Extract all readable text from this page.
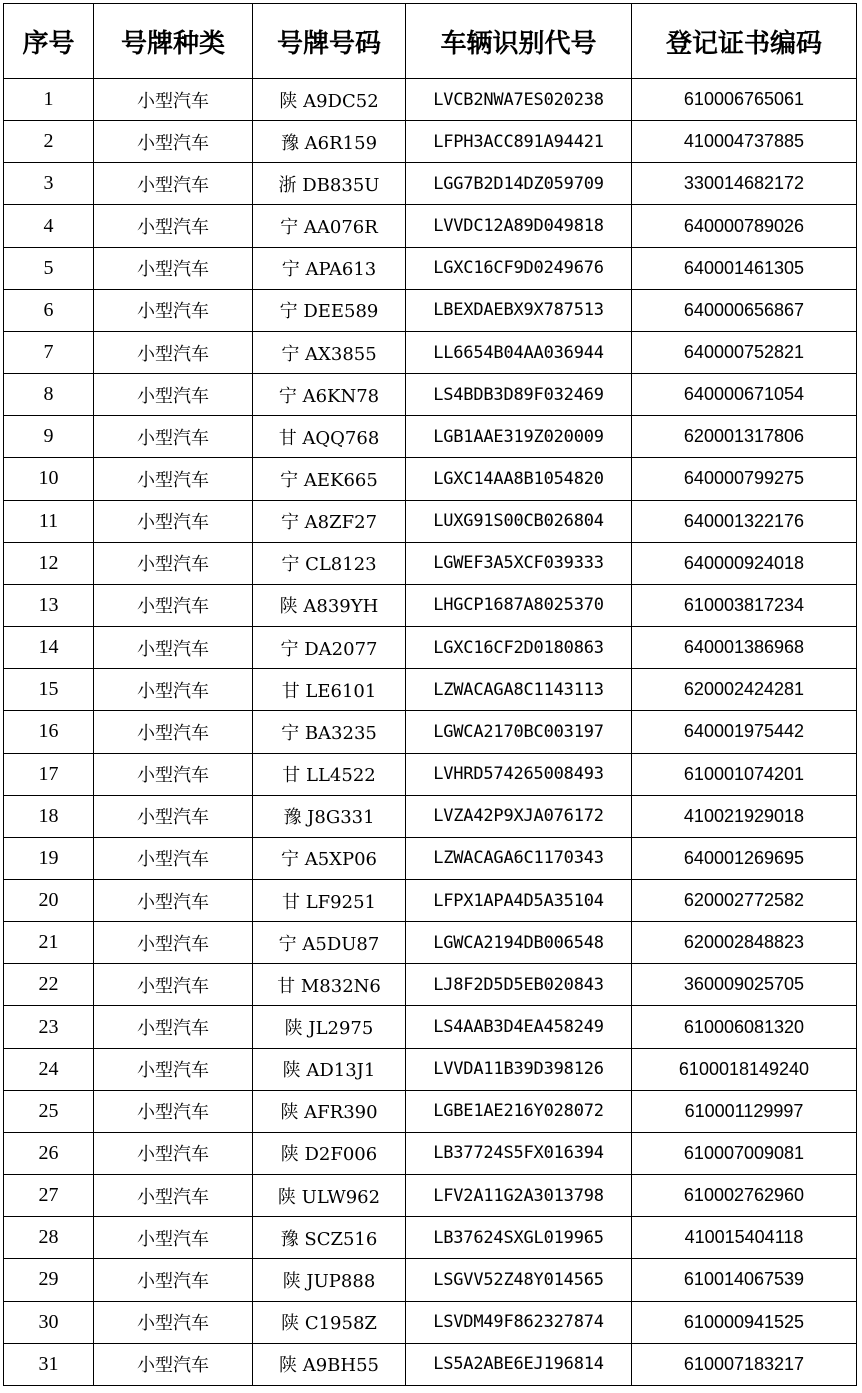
序号	号牌种类	号牌号码	车辆识别代号	登记证书编码
1	小型汽车	陕 A9DC52	LVCB2NWA7ES020238	610006765061
2	小型汽车	豫 A6R159	LFPH3ACC891A94421	410004737885
3	小型汽车	浙 DB835U	LGG7B2D14DZ059709	330014682172
4	小型汽车	宁 AA076R	LVVDC12A89D049818	640000789026
5	小型汽车	宁 APA613	LGXC16CF9D0249676	640001461305
6	小型汽车	宁 DEE589	LBEXDAEBX9X787513	640000656867
7	小型汽车	宁 AX3855	LL6654B04AA036944	640000752821
8	小型汽车	宁 A6KN78	LS4BDB3D89F032469	640000671054
9	小型汽车	甘 AQQ768	LGB1AAE319Z020009	620001317806
10	小型汽车	宁 AEK665	LGXC14AA8B1054820	640000799275
11	小型汽车	宁 A8ZF27	LUXG91S00CB026804	640001322176
12	小型汽车	宁 CL8123	LGWEF3A5XCF039333	640000924018
13	小型汽车	陕 A839YH	LHGCP1687A8025370	610003817234
14	小型汽车	宁 DA2077	LGXC16CF2D0180863	640001386968
15	小型汽车	甘 LE6101	LZWACAGA8C1143113	620002424281
16	小型汽车	宁 BA3235	LGWCA2170BC003197	640001975442
17	小型汽车	甘 LL4522	LVHRD574265008493	610001074201
18	小型汽车	豫 J8G331	LVZA42P9XJA076172	410021929018
19	小型汽车	宁 A5XP06	LZWACAGA6C1170343	640001269695
20	小型汽车	甘 LF9251	LFPX1APA4D5A35104	620002772582
21	小型汽车	宁 A5DU87	LGWCA2194DB006548	620002848823
22	小型汽车	甘 M832N6	LJ8F2D5D5EB020843	360009025705
23	小型汽车	陕 JL2975	LS4AAB3D4EA458249	610006081320
24	小型汽车	陕 AD13J1	LVVDA11B39D398126	6100018149240
25	小型汽车	陕 AFR390	LGBE1AE216Y028072	610001129997
26	小型汽车	陕 D2F006	LB37724S5FX016394	610007009081
27	小型汽车	陕 ULW962	LFV2A11G2A3013798	610002762960
28	小型汽车	豫 SCZ516	LB37624SXGL019965	410015404118
29	小型汽车	陕 JUP888	LSGVV52Z48Y014565	610014067539
30	小型汽车	陕 C1958Z	LSVDM49F862327874	610000941525
31	小型汽车	陕 A9BH55	LS5A2ABE6EJ196814	610007183217
